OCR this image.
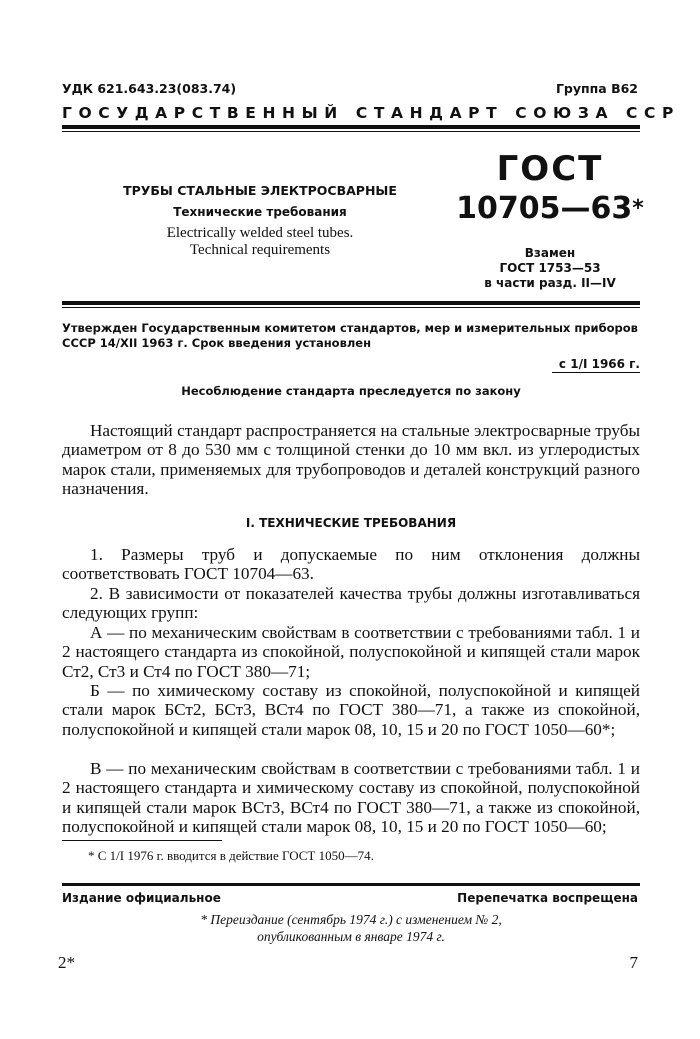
УДК 621.643.23(083.74)	Группа В62
ГОСУДАРСТВЕННЫЙ СТАНДАРТ СОЮЗА ССР
ТРУБЫ СТАЛЬНЫЕ ЭЛЕКТРОСВАРНЫЕ
Технические требования
Electrically welded steel tubes.
Technical requirements
ГОСТ
10705—63*
Взамен
ГОСТ 1753—53
в части разд. II—IV
Утвержден Государственным комитетом стандартов, мер и измерительных приборов СССР 14/XII 1963 г. Срок введения установлен
с 1/I 1966 г.
Несоблюдение стандарта преследуется по закону
Настоящий стандарт распространяется на стальные электросварные трубы диаметром от 8 до 530 мм с толщиной стенки до 10 мм вкл. из углеродистых марок стали, применяемых для трубопроводов и деталей конструкций разного назначения.
I. ТЕХНИЧЕСКИЕ ТРЕБОВАНИЯ
1. Размеры труб и допускаемые по ним отклонения должны соответствовать ГОСТ 10704—63.
2. В зависимости от показателей качества трубы должны изготавливаться следующих групп:
А — по механическим свойствам в соответствии с требованиями табл. 1 и 2 настоящего стандарта из спокойной, полуспокойной и кипящей стали марок Ст2, Ст3 и Ст4 по ГОСТ 380—71;
Б — по химическому составу из спокойной, полуспокойной и кипящей стали марок БСт2, БСт3, ВСт4 по ГОСТ 380—71, а также из спокойной, полуспокойной и кипящей стали марок 08, 10, 15 и 20 по ГОСТ 1050—60*;
В — по механическим свойствам в соответствии с требованиями табл. 1 и 2 настоящего стандарта и химическому составу из спокойной, полуспокойной и кипящей стали марок ВСт3, ВСт4 по ГОСТ 380—71, а также из спокойной, полуспокойной и кипящей стали марок 08, 10, 15 и 20 по ГОСТ 1050—60;
* С 1/I 1976 г. вводится в действие ГОСТ 1050—74.
Издание официальное	Перепечатка воспрещена
* Переиздание (сентябрь 1974 г.) с изменением № 2,
опубликованным в январе 1974 г.
2*	7
